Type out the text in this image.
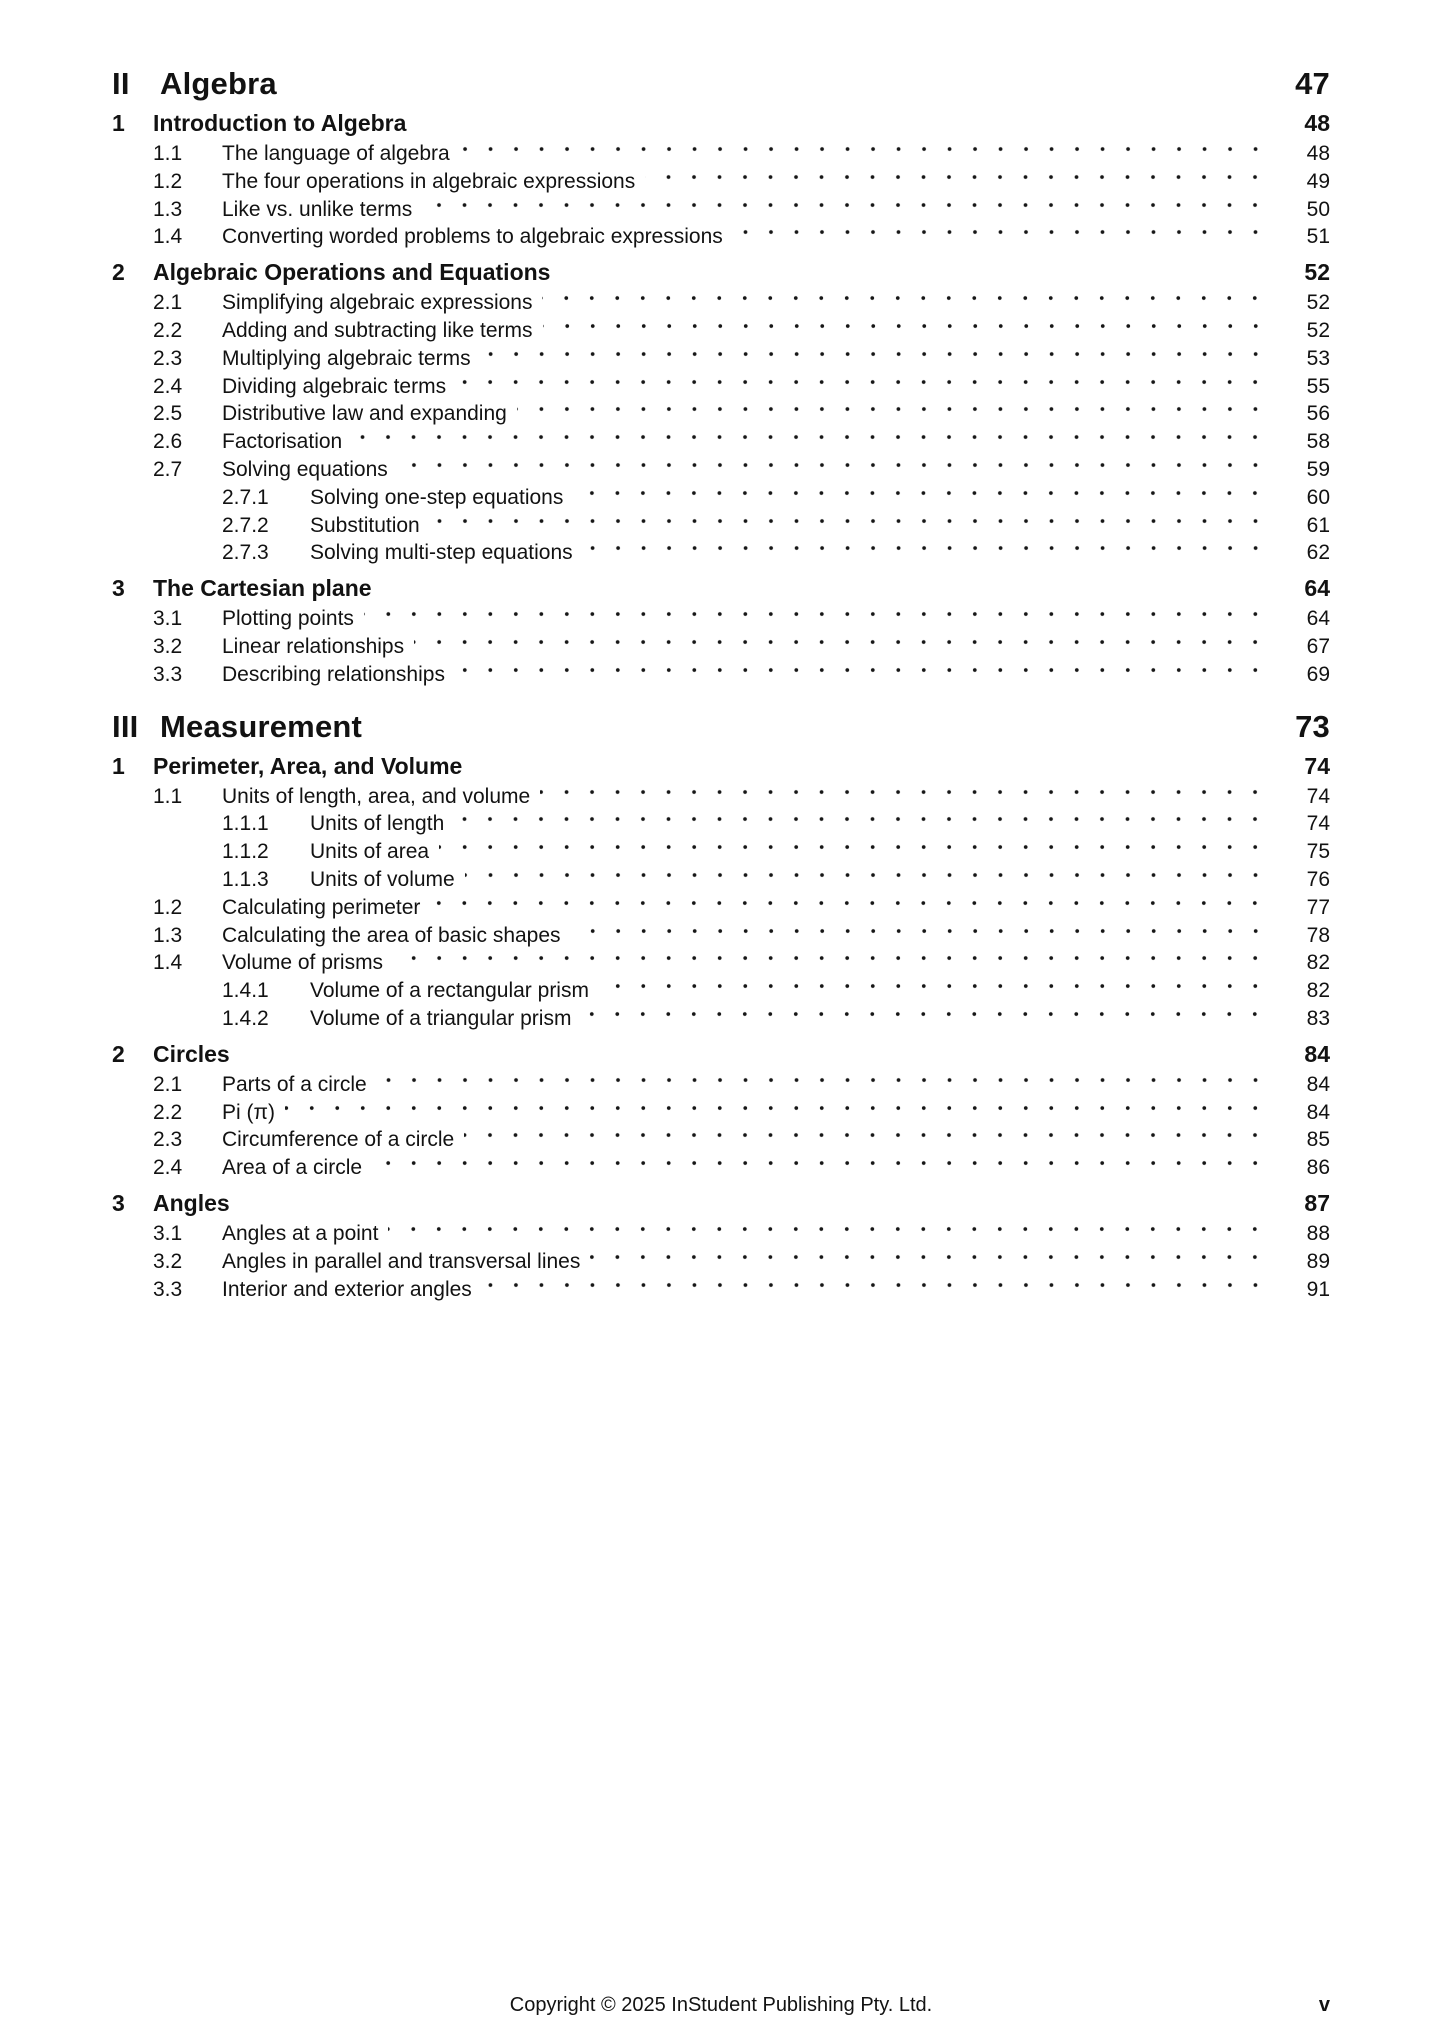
II Algebra	47
1	Introduction to Algebra	48
1.1	The language of algebra	48
1.2	The four operations in algebraic expressions	49
1.3	Like vs. unlike terms	50
1.4	Converting worded problems to algebraic expressions	51
2	Algebraic Operations and Equations	52
2.1	Simplifying algebraic expressions	52
2.2	Adding and subtracting like terms	52
2.3	Multiplying algebraic terms	53
2.4	Dividing algebraic terms	55
2.5	Distributive law and expanding	56
2.6	Factorisation	58
2.7	Solving equations	59
2.7.1	Solving one-step equations	60
2.7.2	Substitution	61
2.7.3	Solving multi-step equations	62
3	The Cartesian plane	64
3.1	Plotting points	64
3.2	Linear relationships	67
3.3	Describing relationships	69
III Measurement	73
1	Perimeter, Area, and Volume	74
1.1	Units of length, area, and volume	74
1.1.1	Units of length	74
1.1.2	Units of area	75
1.1.3	Units of volume	76
1.2	Calculating perimeter	77
1.3	Calculating the area of basic shapes	78
1.4	Volume of prisms	82
1.4.1	Volume of a rectangular prism	82
1.4.2	Volume of a triangular prism	83
2	Circles	84
2.1	Parts of a circle	84
2.2	Pi (π)	84
2.3	Circumference of a circle	85
2.4	Area of a circle	86
3	Angles	87
3.1	Angles at a point	88
3.2	Angles in parallel and transversal lines	89
3.3	Interior and exterior angles	91
Copyright © 2025 InStudent Publishing Pty. Ltd.	v
